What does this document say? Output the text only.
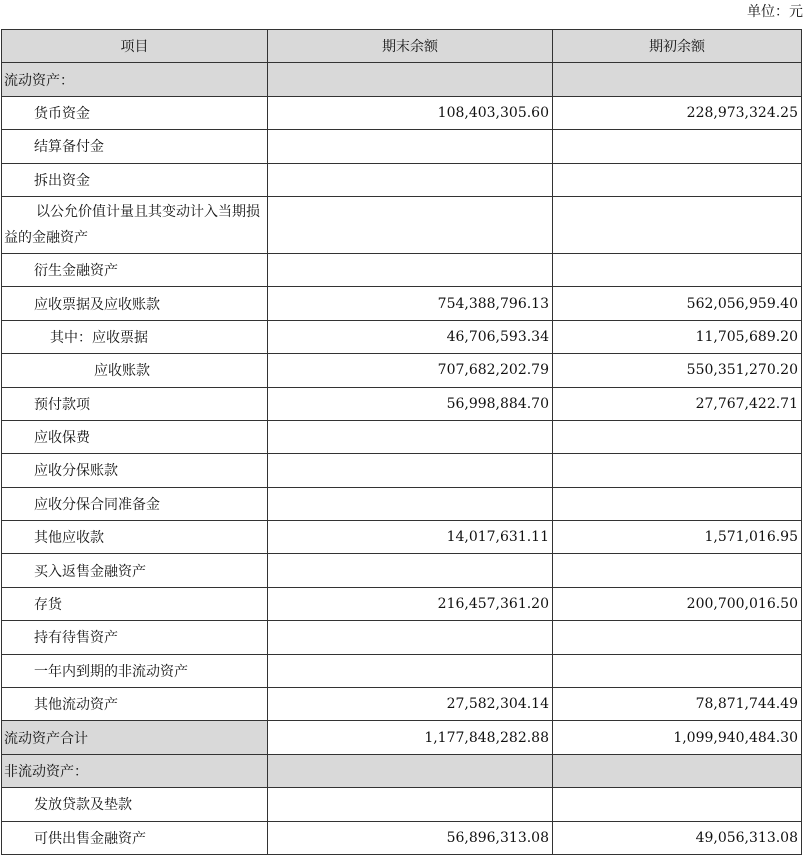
单位：元
项目	期末余额	期初余额
流动资产：		
货币资金	108,403,305.60	228,973,324.25
结算备付金		
拆出资金		
以公允价值计量且其变动计入当期损益的金融资产		
衍生金融资产		
应收票据及应收账款	754,388,796.13	562,056,959.40
其中：应收票据	46,706,593.34	11,705,689.20
应收账款	707,682,202.79	550,351,270.20
预付款项	56,998,884.70	27,767,422.71
应收保费		
应收分保账款		
应收分保合同准备金		
其他应收款	14,017,631.11	1,571,016.95
买入返售金融资产		
存货	216,457,361.20	200,700,016.50
持有待售资产		
一年内到期的非流动资产		
其他流动资产	27,582,304.14	78,871,744.49
流动资产合计	1,177,848,282.88	1,099,940,484.30
非流动资产：		
发放贷款及垫款		
可供出售金融资产	56,896,313.08	49,056,313.08
